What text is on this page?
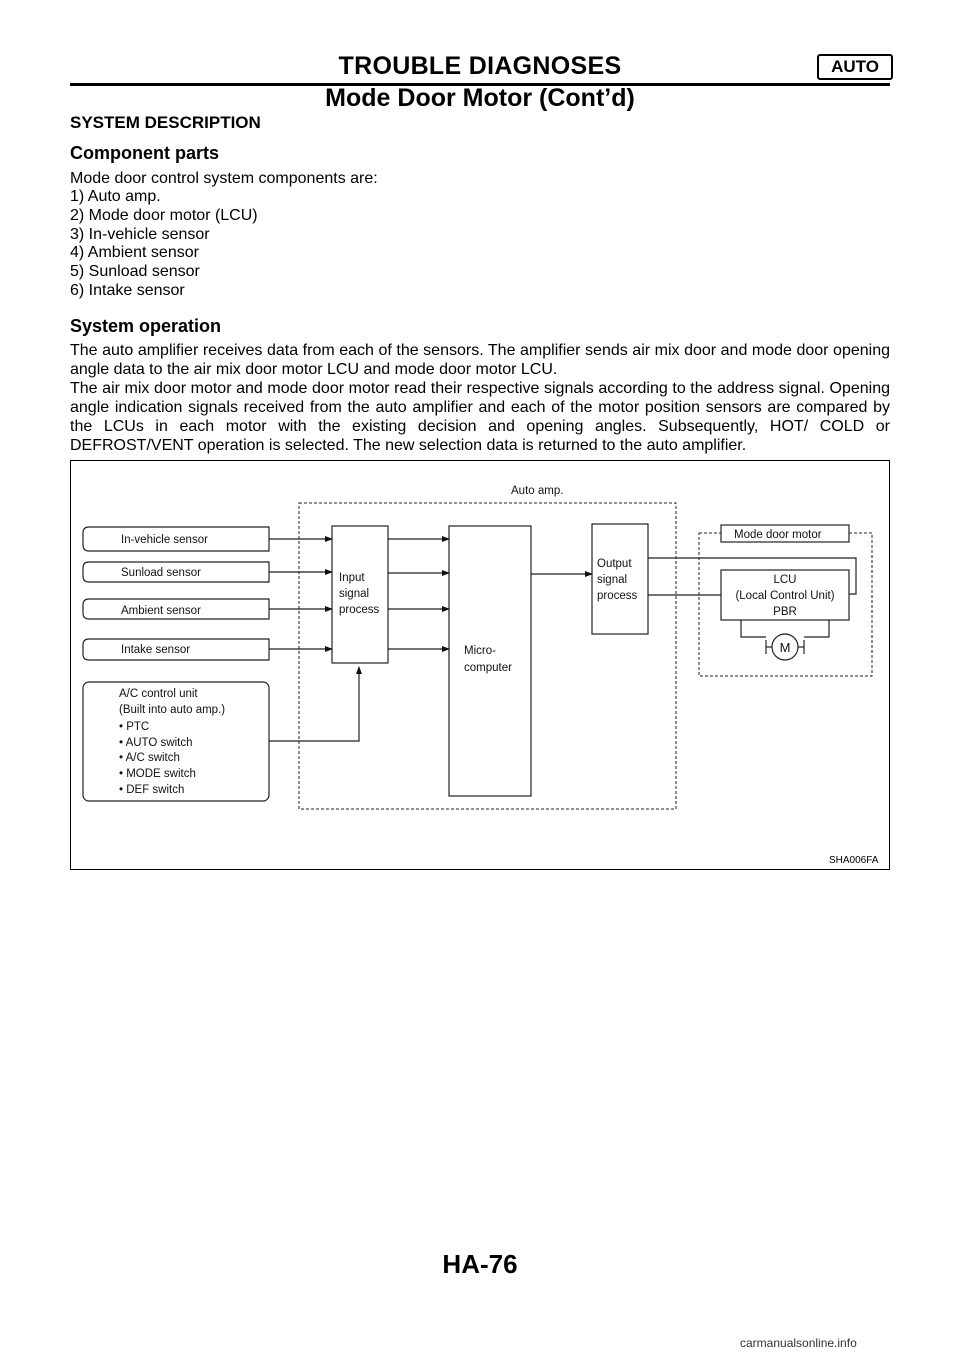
TROUBLE DIAGNOSES	AUTO
Mode Door Motor (Cont’d)
SYSTEM DESCRIPTION
Component parts
Mode door control system components are:
1) Auto amp.
2) Mode door motor (LCU)
3) In-vehicle sensor
4) Ambient sensor
5) Sunload sensor
6) Intake sensor
System operation

The auto amplifier receives data from each of the sensors. The amplifier sends air mix door and mode door opening angle data to the air mix door motor LCU and mode door motor LCU.

The air mix door motor and mode door motor read their respective signals according to the address signal. Opening angle indication signals received from the auto amplifier and each of the motor position sensors are compared by the LCUs in each motor with the existing decision and opening angles. Subsequently, HOT/ COLD or DEFROST/VENT operation is selected. The new selection data is returned to the auto amplifier.

Auto amp.
In-vehicle sensor
Sunload sensor
Ambient sensor
Intake sensor
A/C control unit
(Built into auto amp.)
• PTC
• AUTO switch
• A/C switch
• MODE switch
• DEF switch
Input
signal
process
Micro-
computer
Output
signal
process
Mode door motor
LCU
(Local Control Unit)
PBR
M
SHA006FA
HA-76
carmanualsonline.info
